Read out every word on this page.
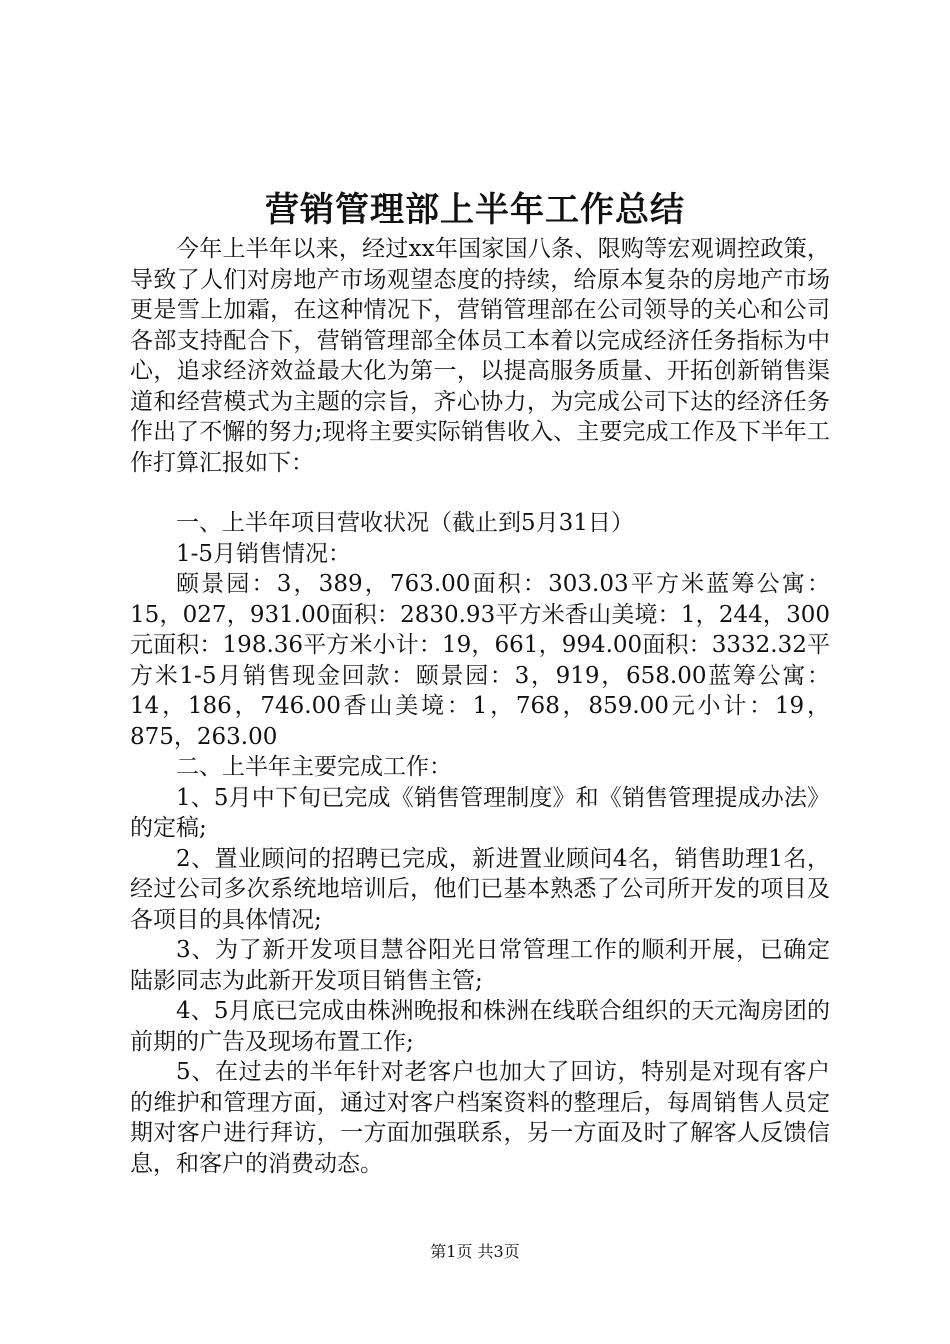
营销管理部上半年工作总结

今年上半年以来，经过xx年国家国八条、限购等宏观调控政策，导致了人们对房地产市场观望态度的持续，给原本复杂的房地产市场更是雪上加霜，在这种情况下，营销管理部在公司领导的关心和公司各部支持配合下，营销管理部全体员工本着以完成经济任务指标为中心，追求经济效益最大化为第一，以提高服务质量、开拓创新销售渠道和经营模式为主题的宗旨，齐心协力，为完成公司下达的经济任务作出了不懈的努力;现将主要实际销售收入、主要完成工作及下半年工作打算汇报如下：

一、上半年项目营收状况（截止到5月31日）

1-5月销售情况：

颐景园：3，389，763.00面积：303.03平方米蓝筹公寓：15，027，931.00面积：2830.93平方米香山美境：1，244，300元面积：198.36平方米小计：19，661，994.00面积：3332.32平方米1-5月销售现金回款：颐景园：3，919，658.00蓝筹公寓：14，186，746.00香山美境：1，768，859.00元小计：19，875，263.00

二、上半年主要完成工作：

1、5月中下旬已完成《销售管理制度》和《销售管理提成办法》的定稿;

2、置业顾问的招聘已完成，新进置业顾问4名，销售助理1名，经过公司多次系统地培训后，他们已基本熟悉了公司所开发的项目及各项目的具体情况;

3、为了新开发项目慧谷阳光日常管理工作的顺利开展，已确定陆影同志为此新开发项目销售主管;

4、5月底已完成由株洲晚报和株洲在线联合组织的天元淘房团的前期的广告及现场布置工作;

5、在过去的半年针对老客户也加大了回访，特别是对现有客户的维护和管理方面，通过对客户档案资料的整理后，每周销售人员定期对客户进行拜访，一方面加强联系，另一方面及时了解客人反馈信息，和客户的消费动态。

第1页 共3页
